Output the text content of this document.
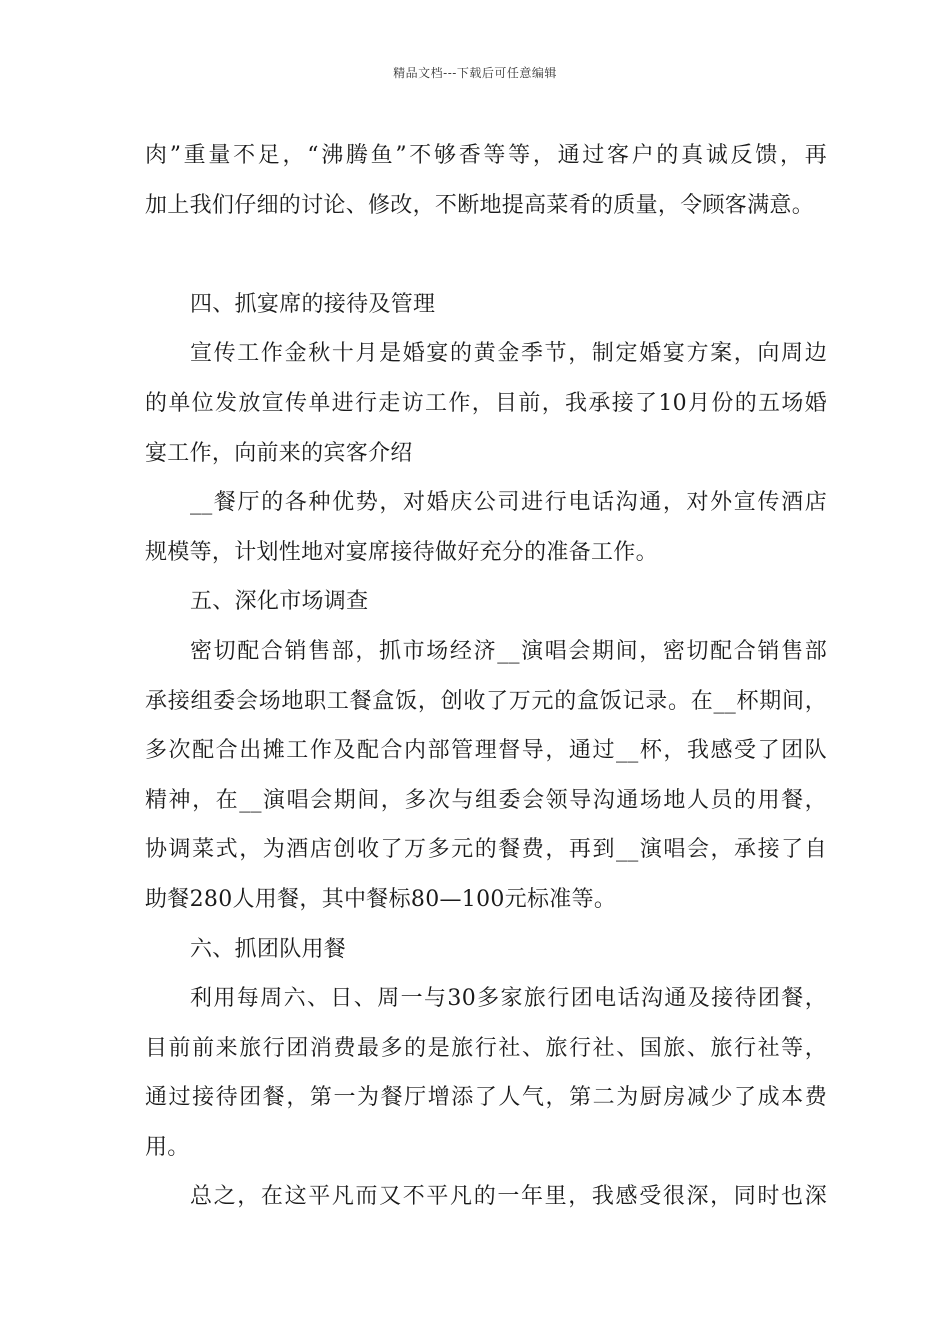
精品文档---下载后可任意编辑
肉”重量不足，“沸腾鱼”不够香等等，通过客户的真诚反馈，再
加上我们仔细的讨论、修改，不断地提高菜肴的质量，令顾客满意。
四、抓宴席的接待及管理
宣传工作金秋十月是婚宴的黄金季节，制定婚宴方案，向周边
的单位发放宣传单进行走访工作，目前，我承接了10月份的五场婚
宴工作，向前来的宾客介绍
__餐厅的各种优势，对婚庆公司进行电话沟通，对外宣传酒店
规模等，计划性地对宴席接待做好充分的准备工作。
五、深化市场调查
密切配合销售部，抓市场经济__演唱会期间，密切配合销售部
承接组委会场地职工餐盒饭，创收了万元的盒饭记录。在__杯期间，
多次配合出摊工作及配合内部管理督导，通过__杯，我感受了团队
精神，在__演唱会期间，多次与组委会领导沟通场地人员的用餐，
协调菜式，为酒店创收了万多元的餐费，再到__演唱会，承接了自
助餐280人用餐，其中餐标80—100元标准等。
六、抓团队用餐
利用每周六、日、周一与30多家旅行团电话沟通及接待团餐，
目前前来旅行团消费最多的是旅行社、旅行社、国旅、旅行社等，
通过接待团餐，第一为餐厅增添了人气，第二为厨房减少了成本费
用。
总之，在这平凡而又不平凡的一年里，我感受很深，同时也深
